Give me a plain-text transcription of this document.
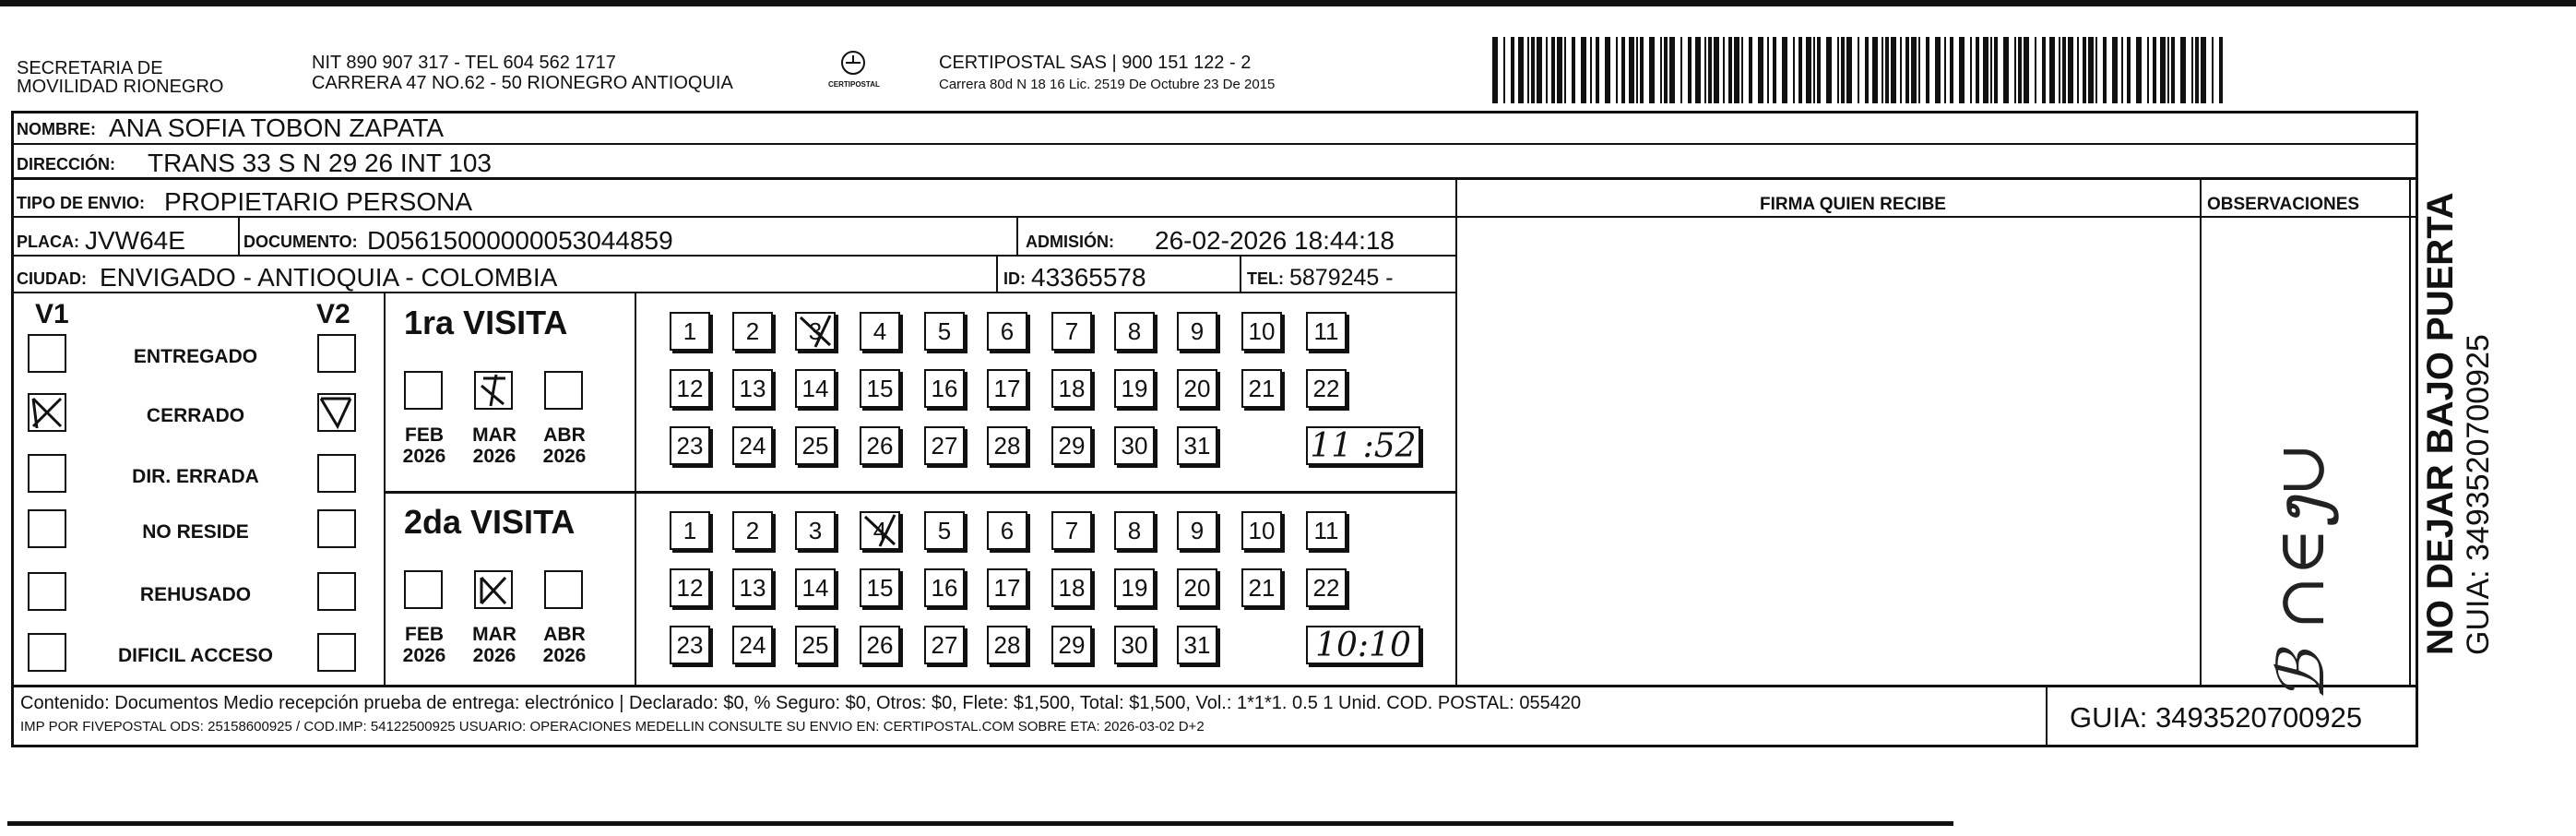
SECRETARIA DE
MOVILIDAD RIONEGRO
NIT 890 907 317 - TEL 604 562 1717
CARRERA 47 NO.62 - 50 RIONEGRO ANTIOQUIA	CERTIPOSTAL
CERTIPOSTAL SAS | 900 151 122 - 2
Carrera 80d N 18 16 Lic. 2519 De Octubre 23 De 2015
NOMBRE: ANA SOFIA TOBON ZAPATA
DIRECCIÓN: TRANS 33 S N 29 26 INT 103
TIPO DE ENVIO: PROPIETARIO PERSONA	FIRMA QUIEN RECIBE	OBSERVACIONES
PLACA: JVW64E	DOCUMENTO: D05615000000053044859	ADMISIÓN: 26-02-2026 18:44:18
CIUDAD: ENVIGADO - ANTIOQUIA - COLOMBIA	ID: 43365578	TEL: 5879245 -
V1	V2
ENTREGADO
CERRADO
DIR. ERRADA
NO RESIDE
REHUSADO
DIFICIL ACCESO
1ra VISITA
FEB
2026
MAR
2026
ABR
2026
1 2 3 4 5 6 7 8 9 10 11
12 13 14 15 16 17 18 19 20 21 22
23 24 25 26 27 28 29 30 31	11 :52
2da VISITA
FEB
2026
MAR
2026
ABR
2026
1 2 3 4 5 6 7 8 9 10 11
12 13 14 15 16 17 18 19 20 21 22
23 24 25 26 27 28 29 30 31	10:10	ℬ ∩∈ງ∪ NO DEJAR BAJO PUERTA GUIA: 3493520700925
Contenido: Documentos Medio recepción prueba de entrega: electrónico | Declarado: $0, % Seguro: $0, Otros: $0, Flete: $1,500, Total: $1,500, Vol.: 1*1*1. 0.5 1 Unid. COD. POSTAL: 055420
IMP POR FIVEPOSTAL ODS: 25158600925 / COD.IMP: 54122500925 USUARIO: OPERACIONES MEDELLIN CONSULTE SU ENVIO EN: CERTIPOSTAL.COM SOBRE ETA: 2026-03-02 D+2	GUIA: 3493520700925
